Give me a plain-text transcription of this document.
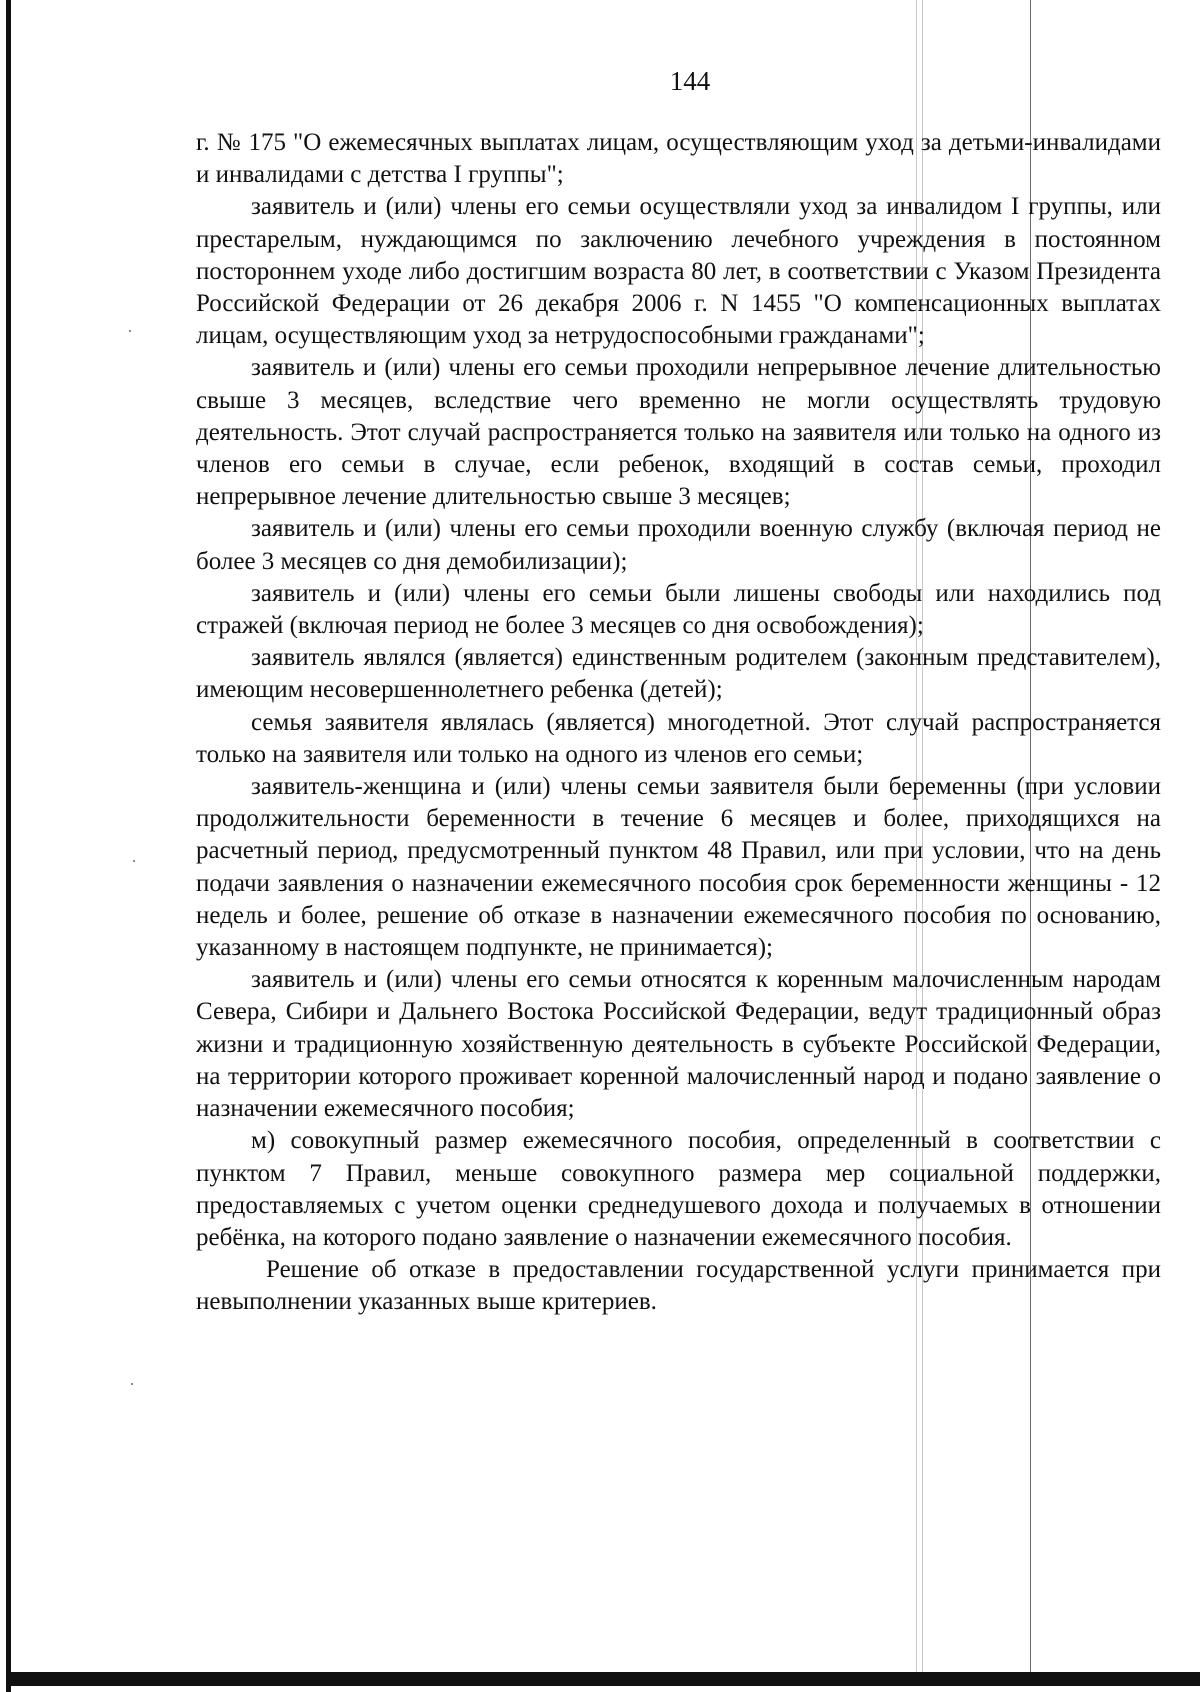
144

г. № 175 "О ежемесячных выплатах лицам, осуществляющим уход за детьми-инвалидами и инвалидами с детства I группы";

заявитель и (или) члены его семьи осуществляли уход за инвалидом I группы, или престарелым, нуждающимся по заключению лечебного учреждения в постоянном постороннем уходе либо достигшим возраста 80 лет, в соответствии с Указом Президента Российской Федерации от 26 декабря 2006 г. N 1455 "О компенсационных выплатах лицам, осуществляющим уход за нетрудоспособными гражданами";

заявитель и (или) члены его семьи проходили непрерывное лечение длительностью свыше 3 месяцев, вследствие чего временно не могли осуществлять трудовую деятельность. Этот случай распространяется только на заявителя или только на одного из членов его семьи в случае, если ребенок, входящий в состав семьи, проходил непрерывное лечение длительностью свыше 3 месяцев;

заявитель и (или) члены его семьи проходили военную службу (включая период не более 3 месяцев со дня демобилизации);

заявитель и (или) члены его семьи были лишены свободы или находились под стражей (включая период не более 3 месяцев со дня освобождения);

заявитель являлся (является) единственным родителем (законным представителем), имеющим несовершеннолетнего ребенка (детей);

семья заявителя являлась (является) многодетной. Этот случай распространяется только на заявителя или только на одного из членов его семьи;

заявитель-женщина и (или) члены семьи заявителя были беременны (при условии продолжительности беременности в течение 6 месяцев и более, приходящихся на расчетный период, предусмотренный пунктом 48 Правил, или при условии, что на день подачи заявления о назначении ежемесячного пособия срок беременности женщины - 12 недель и более, решение об отказе в назначении ежемесячного пособия по основанию, указанному в настоящем подпункте, не принимается);

заявитель и (или) члены его семьи относятся к коренным малочисленным народам Севера, Сибири и Дальнего Востока Российской Федерации, ведут традиционный образ жизни и традиционную хозяйственную деятельность в субъекте Российской Федерации, на территории которого проживает коренной малочисленный народ и подано заявление о назначении ежемесячного пособия;

м) совокупный размер ежемесячного пособия, определенный в соответствии с пунктом 7 Правил, меньше совокупного размера мер социальной поддержки, предоставляемых с учетом оценки среднедушевого дохода и получаемых в отношении ребёнка, на которого подано заявление о назначении ежемесячного пособия.

Решение об отказе в предоставлении государственной услуги принимается при невыполнении указанных выше критериев.
